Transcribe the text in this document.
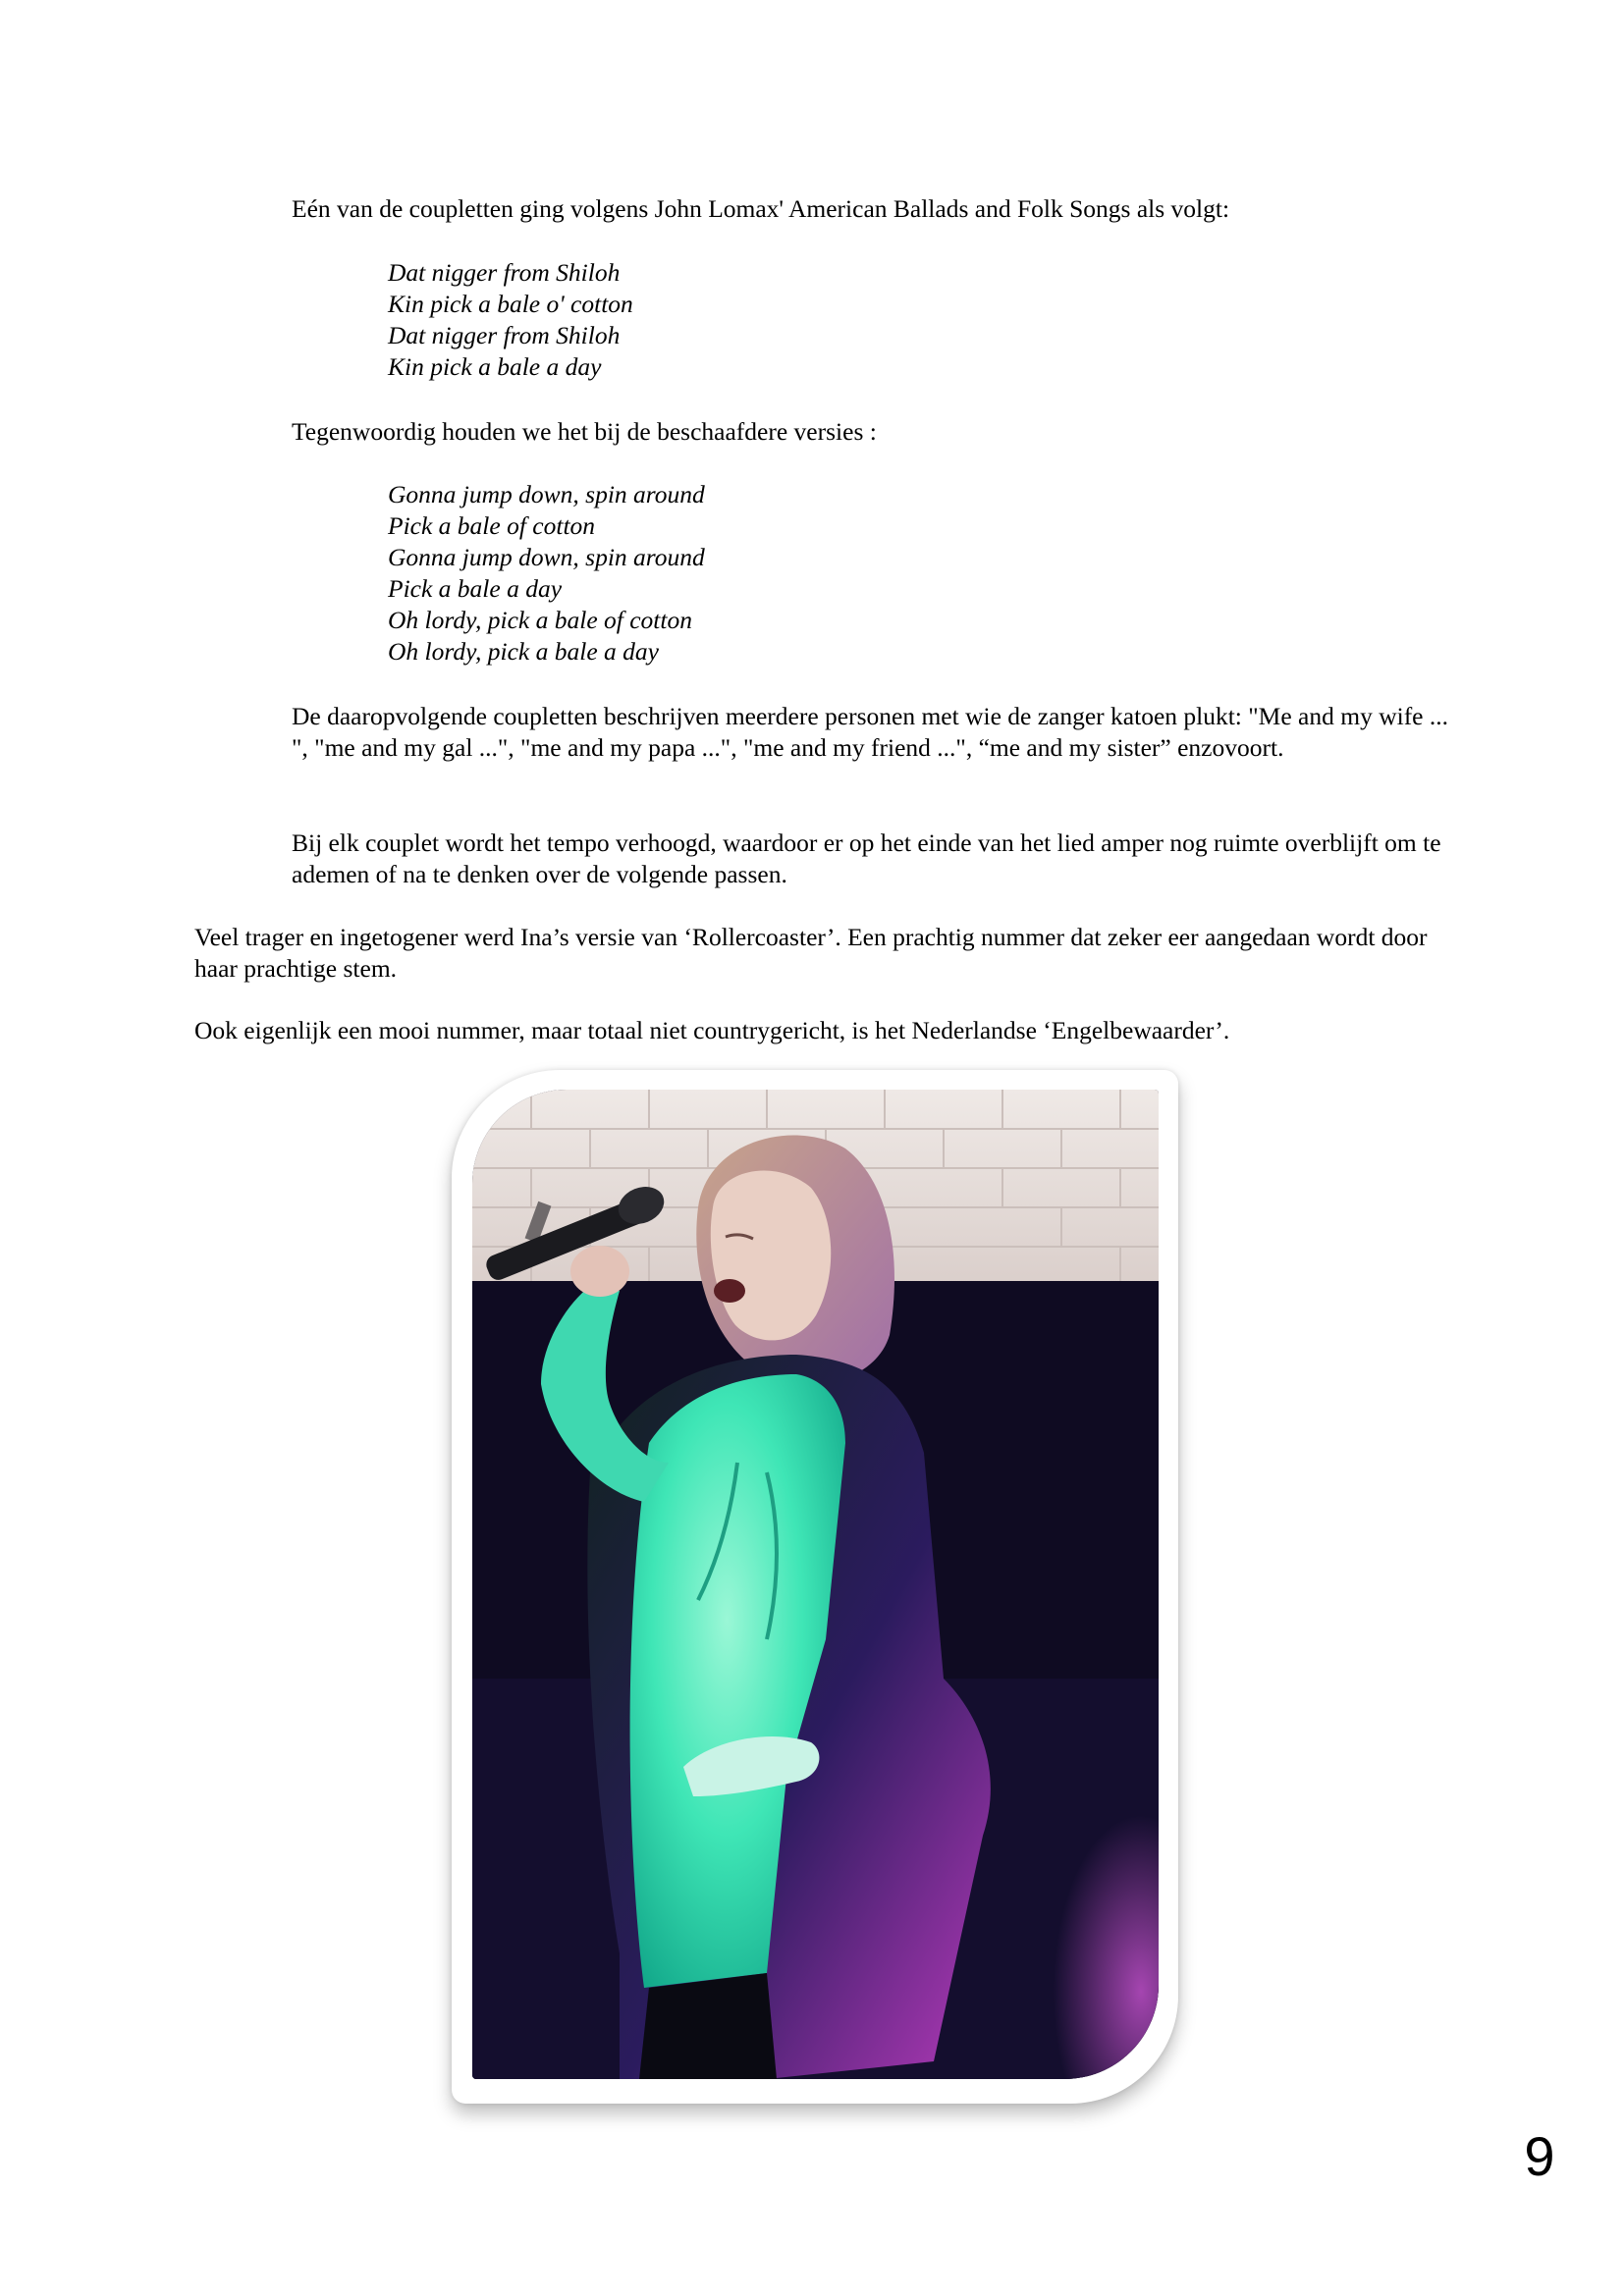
Eén van de coupletten ging volgens John Lomax' American Ballads and Folk Songs als volgt:

Dat nigger from Shiloh
Kin pick a bale o' cotton
Dat nigger from Shiloh
Kin pick a bale a day

Tegenwoordig houden we het bij de beschaafdere versies :

Gonna jump down, spin around
Pick a bale of cotton
Gonna jump down, spin around
Pick a bale a day
Oh lordy, pick a bale of cotton
Oh lordy, pick a bale a day

De daaropvolgende coupletten beschrijven meerdere personen met wie de zanger katoen plukt: "Me and my wife ... ", "me and my gal ...", "me and my papa ...", "me and my friend ...", “me and my sister” enzovoort.

Bij elk couplet wordt het tempo verhoogd, waardoor er op het einde van het lied amper nog ruimte overblijft om te ademen of na te denken over de volgende passen.

Veel trager en ingetogener werd Ina’s versie van ‘Rollercoaster’. Een prachtig nummer dat zeker eer aangedaan wordt door haar prachtige stem.

Ook eigenlijk een mooi nummer, maar totaal niet countrygericht, is het Nederlandse ‘Engelbewaarder’.

9
